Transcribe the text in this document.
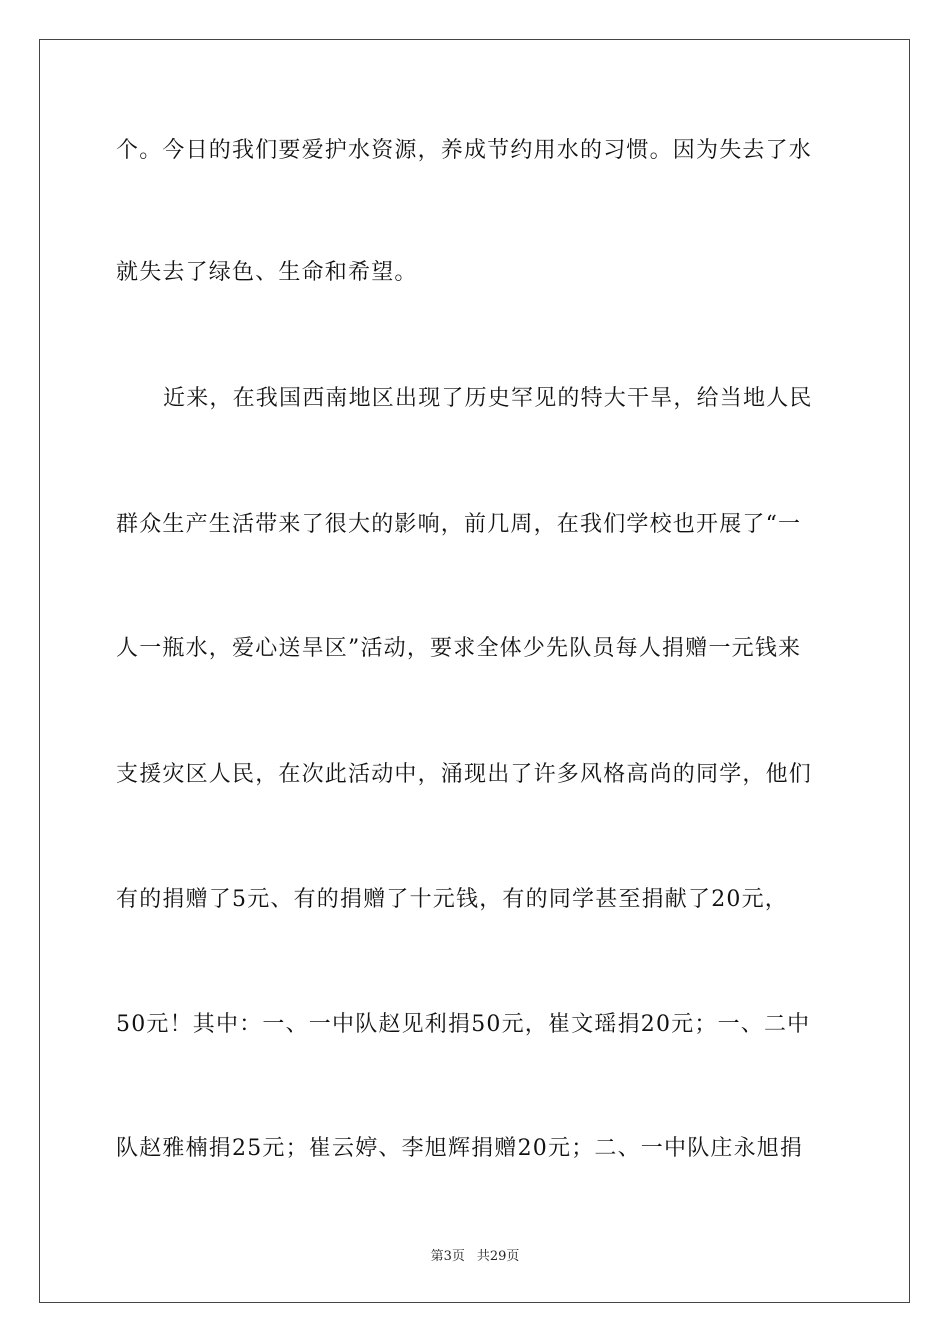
个。今日的我们要爱护水资源，养成节约用水的习惯。因为失去了水
就失去了绿色、生命和希望。
近来，在我国西南地区出现了历史罕见的特大干旱，给当地人民
群众生产生活带来了很大的影响，前几周，在我们学校也开展了“一
人一瓶水，爱心送旱区”活动，要求全体少先队员每人捐赠一元钱来
支援灾区人民，在次此活动中，涌现出了许多风格高尚的同学，他们
有的捐赠了5元、有的捐赠了十元钱，有的同学甚至捐献了20元，
50元！其中：一、一中队赵见利捐50元，崔文瑶捐20元；一、二中
队赵雅楠捐25元；崔云婷、李旭辉捐赠20元；二、一中队庄永旭捐
第3页 共29页
